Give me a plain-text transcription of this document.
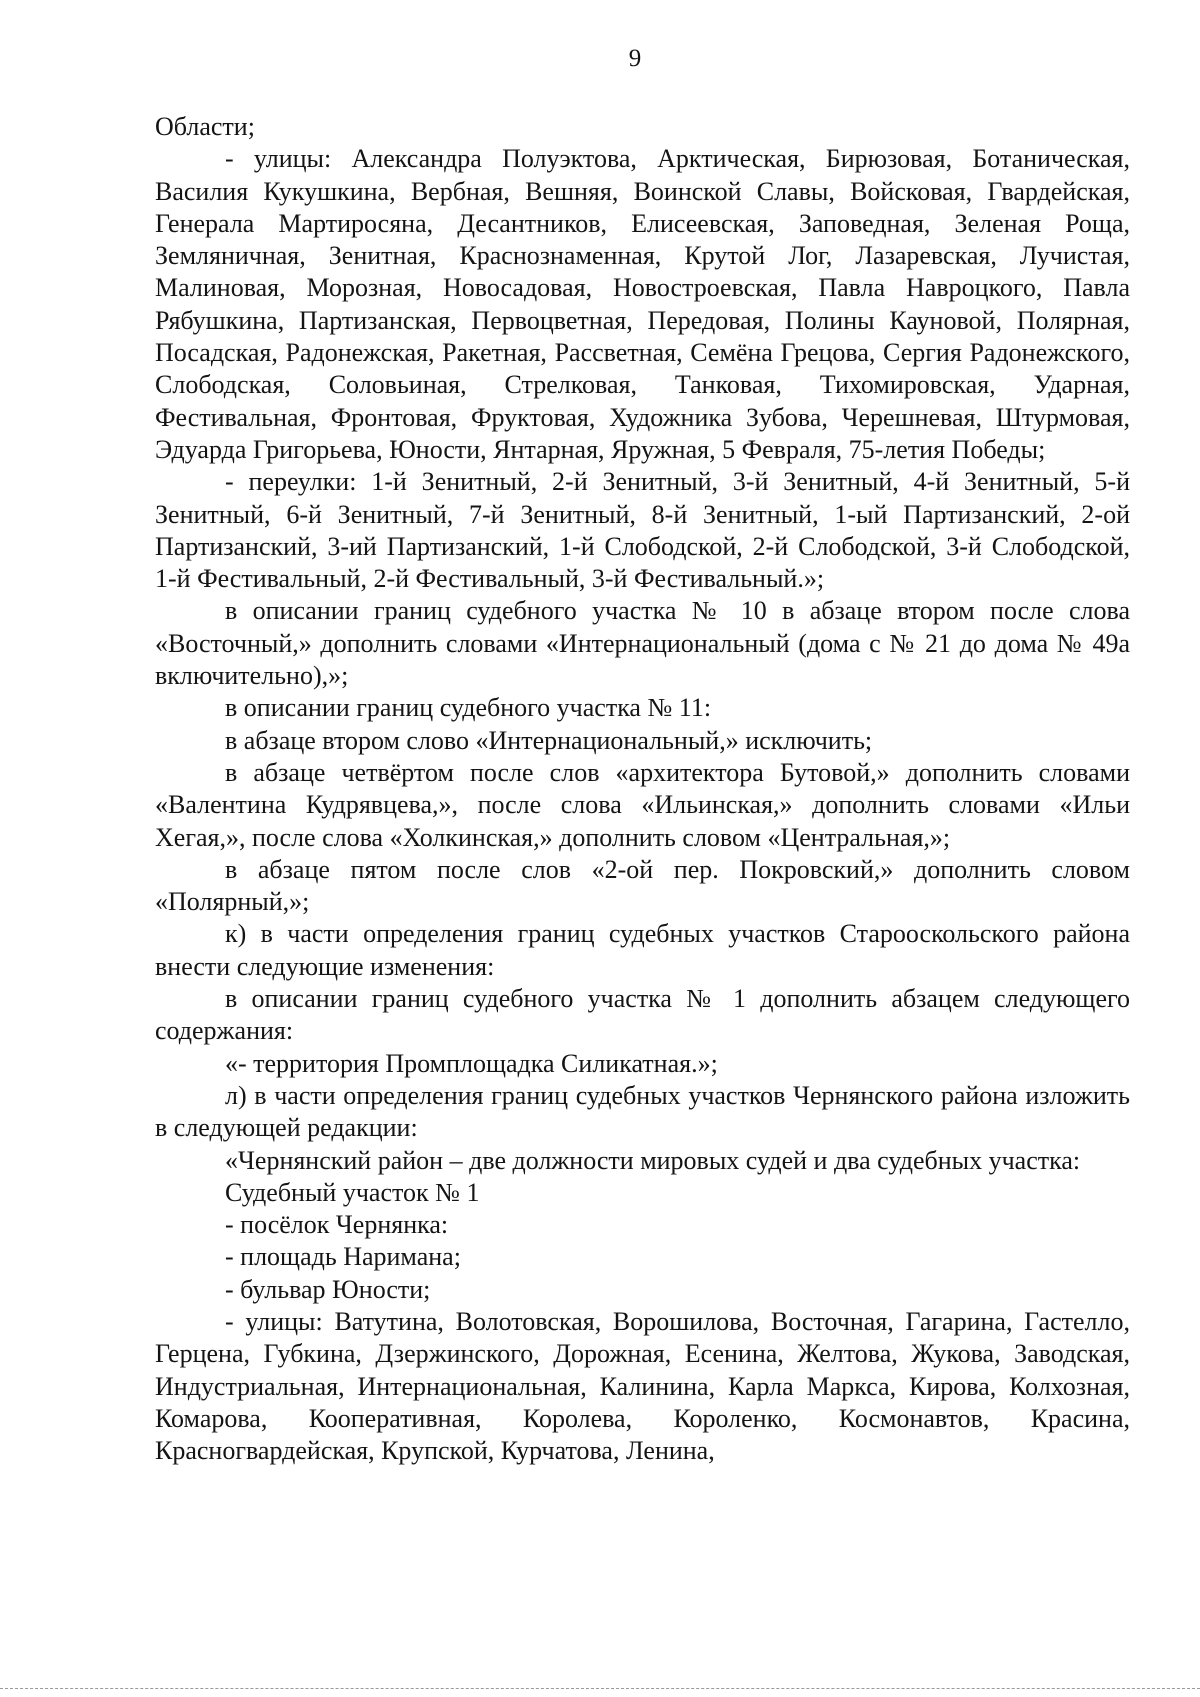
9

Области;

- улицы: Александра Полуэктова, Арктическая, Бирюзовая, Ботаническая, Василия Кукушкина, Вербная, Вешняя, Воинской Славы, Войсковая, Гвардейская, Генерала Мартиросяна, Десантников, Елисеевская, Заповедная, Зеленая Роща, Земляничная, Зенитная, Краснознаменная, Крутой Лог, Лазаревская, Лучистая, Малиновая, Морозная, Новосадовая, Новостроевская, Павла Навроцкого, Павла Рябушкина, Партизанская, Первоцветная, Передовая, Полины Кауновой, Полярная, Посадская, Радонежская, Ракетная, Рассветная, Семёна Грецова, Сергия Радонежского, Слободская, Соловьиная, Стрелковая, Танковая, Тихомировская, Ударная, Фестивальная, Фронтовая, Фруктовая, Художника Зубова, Черешневая, Штурмовая, Эдуарда Григорьева, Юности, Янтарная, Яружная, 5 Февраля, 75-летия Победы;

- переулки: 1-й Зенитный, 2-й Зенитный, 3-й Зенитный, 4-й Зенитный, 5-й Зенитный, 6-й Зенитный, 7-й Зенитный, 8-й Зенитный, 1-ый Партизанский, 2-ой Партизанский, 3-ий Партизанский, 1-й Слободской, 2-й Слободской, 3-й Слободской, 1-й Фестивальный, 2-й Фестивальный, 3-й Фестивальный.»;

в описании границ судебного участка № 10 в абзаце втором после слова «Восточный,» дополнить словами «Интернациональный (дома с № 21 до дома № 49а включительно),»;

в описании границ судебного участка № 11:

в абзаце втором слово «Интернациональный,» исключить;

в абзаце четвёртом после слов «архитектора Бутовой,» дополнить словами «Валентина Кудрявцева,», после слова «Ильинская,» дополнить словами «Ильи Хегая,», после слова «Холкинская,» дополнить словом «Центральная,»;

в абзаце пятом после слов «2-ой пер. Покровский,» дополнить словом «Полярный,»;

к) в части определения границ судебных участков Старооскольского района внести следующие изменения:

в описании границ судебного участка № 1 дополнить абзацем следующего содержания:

«- территория Промплощадка Силикатная.»;

л) в части определения границ судебных участков Чернянского района изложить в следующей редакции:

«Чернянский район – две должности мировых судей и два судебных участка:

Судебный участок № 1

- посёлок Чернянка:

- площадь Наримана;

- бульвар Юности;

- улицы: Ватутина, Волотовская, Ворошилова, Восточная, Гагарина, Гастелло, Герцена, Губкина, Дзержинского, Дорожная, Есенина, Желтова, Жукова, Заводская, Индустриальная, Интернациональная, Калинина, Карла Маркса, Кирова, Колхозная, Комарова, Кооперативная, Королева, Короленко, Космонавтов, Красина, Красногвардейская, Крупской, Курчатова, Ленина,
